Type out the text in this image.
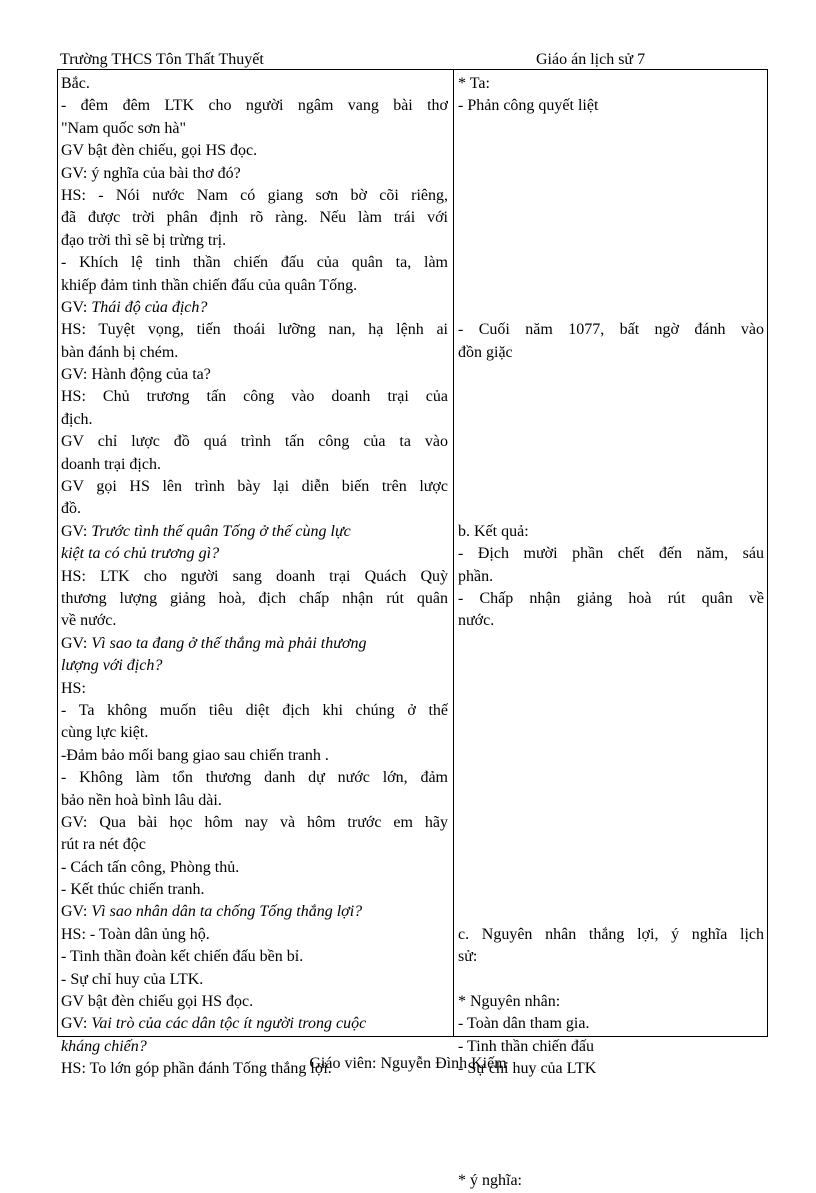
Trường THCS Tôn Thất Thuyết	Giáo án lịch sử 7
Bắc.
- đêm đêm LTK cho người ngâm vang bài thơ
"Nam quốc sơn hà"
GV bật đèn chiếu, gọi HS đọc.
GV: ý nghĩa của bài thơ đó?
HS: - Nói nước Nam có giang sơn bờ cõi riêng,
đã được trời phân định rõ ràng. Nếu làm trái với
đạo trời thì sẽ bị trừng trị.
- Khích lệ tinh thần chiến đấu của quân ta, làm
khiếp đảm tinh thần chiến đấu của quân Tống.
GV: Thái độ của địch?
HS: Tuyệt vọng, tiến thoái lưỡng nan, hạ lệnh ai
bàn đánh bị chém.
GV: Hành động của ta?
HS: Chủ trương tấn công vào doanh trại của
địch.
GV chỉ lược đồ quá trình tấn công của ta vào
doanh trại địch.
GV gọi HS lên trình bày lại diễn biến trên lược
đồ.
GV: Trước tình thế quân Tống ở thế cùng lực
kiệt ta có chủ trương gì?
HS: LTK cho người sang doanh trại Quách Quỳ
thương lượng giảng hoà, địch chấp nhận rút quân
về nước.
GV: Vì sao ta đang ở thế thắng mà phải thương
lượng với địch?
HS:
- Ta không muốn tiêu diệt địch khi chúng ở thế
cùng lực kiệt.
-Đảm bảo mối bang giao sau chiến tranh .
- Không làm tổn thương danh dự nước lớn, đảm
bảo nền hoà bình lâu dài.
GV: Qua bài học hôm nay và hôm trước em hãy
rút ra nét độc
- Cách tấn công, Phòng thủ.
- Kết thúc chiến tranh.
GV: Vì sao nhân dân ta chống Tống thắng lợi?
HS: - Toàn dân ủng hộ.
- Tinh thần đoàn kết chiến đấu bền bỉ.
- Sự chỉ huy của LTK.
GV bật đèn chiếu gọi HS đọc.
GV: Vai trò của các dân tộc ít người trong cuộc
kháng chiến?
HS: To lớn góp phần đánh Tống thắng lợi.
* Ta:
- Phản công quyết liệt
- Cuối năm 1077, bất ngờ đánh vào
đồn giặc
b. Kết quả:
- Địch mười phần chết đến năm, sáu
phần.
- Chấp nhận giảng hoà rút quân về
nước.
c. Nguyên nhân thắng lợi, ý nghĩa lịch
sử:
* Nguyên nhân:
- Toàn dân tham gia.
- Tinh thần chiến đấu
- Sự chỉ huy của LTK
* ý nghĩa:
Giáo viên: Nguyễn Đình Kiếm
